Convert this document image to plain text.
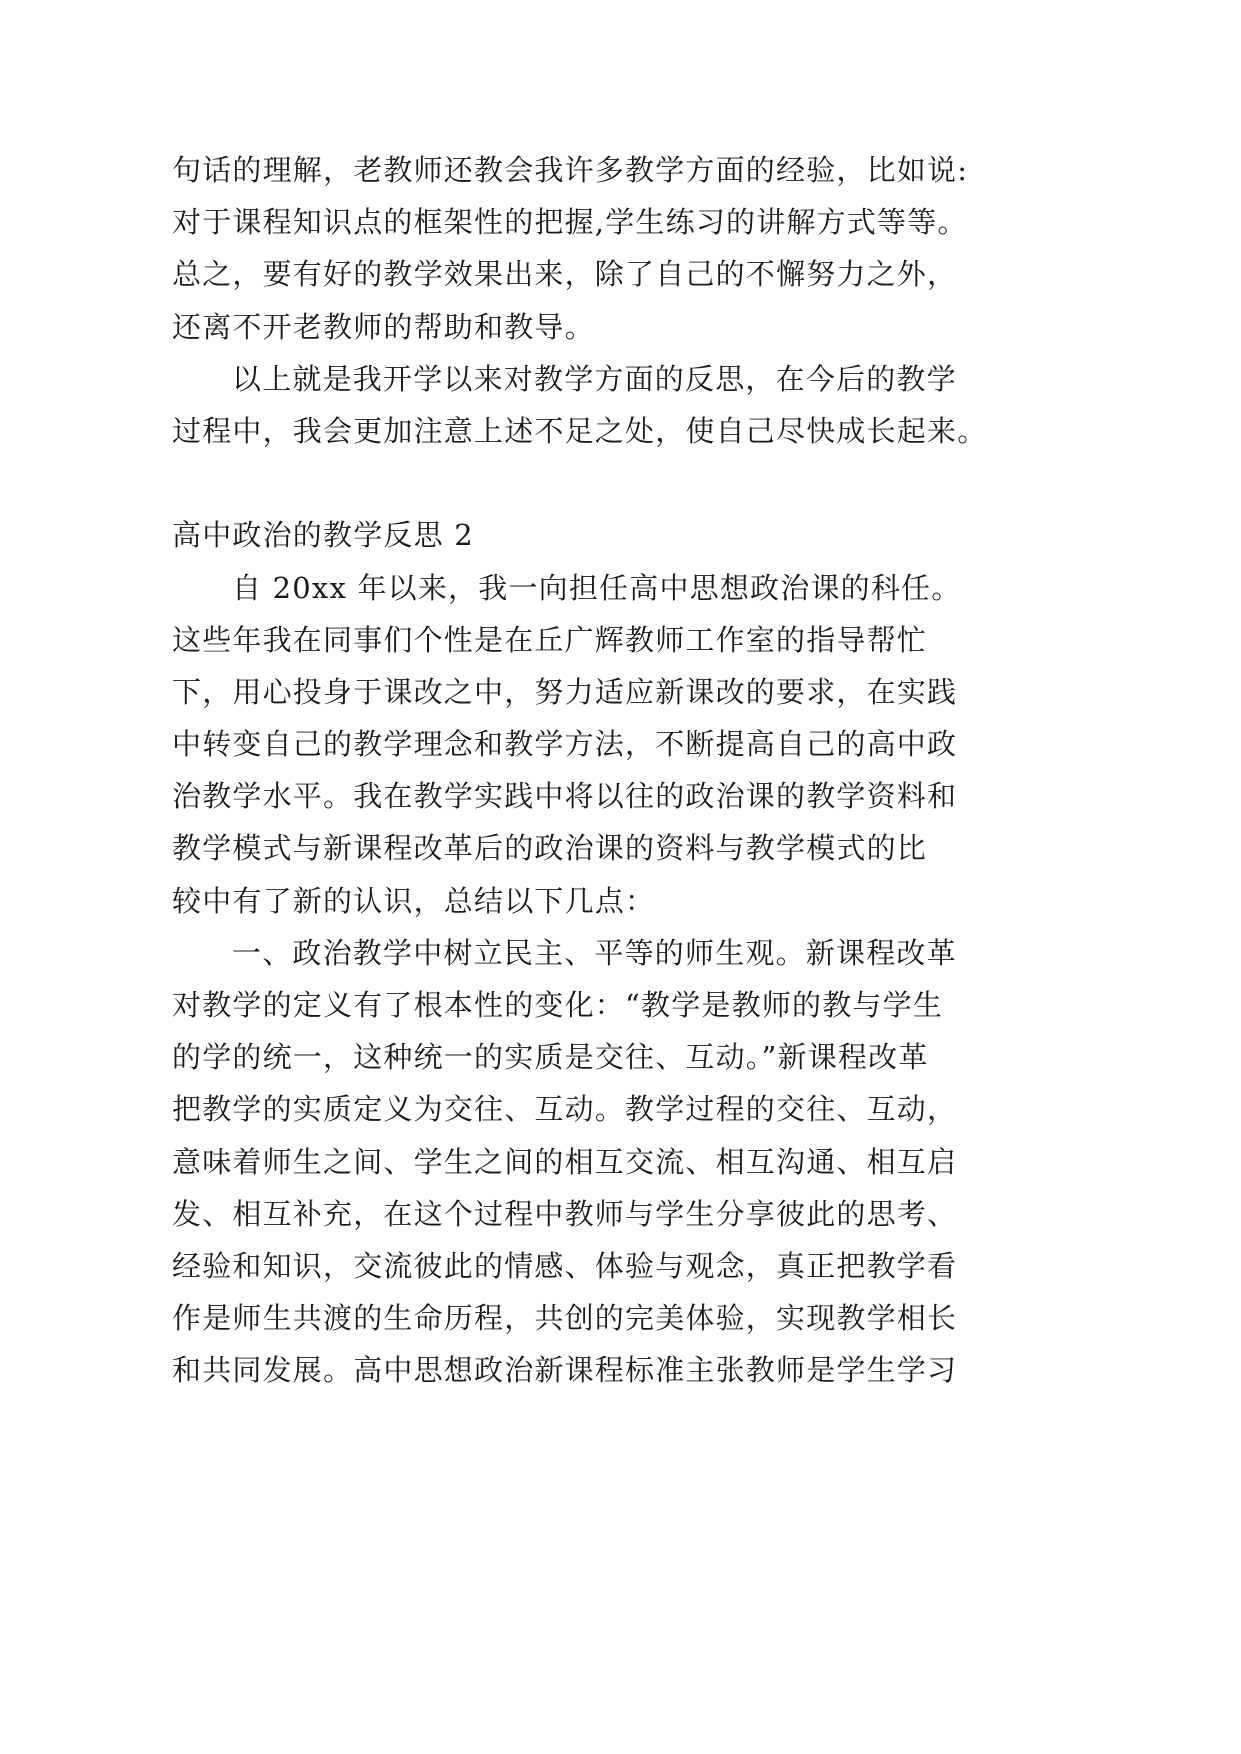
句话的理解，老教师还教会我许多教学方面的经验，比如说:
对于课程知识点的框架性的把握,学生练习的讲解方式等等。
总之，要有好的教学效果出来，除了自己的不懈努力之外，
还离不开老教师的帮助和教导。
以上就是我开学以来对教学方面的反思，在今后的教学
过程中，我会更加注意上述不足之处，使自己尽快成长起来。
高中政治的教学反思 2
自 20xx 年以来，我一向担任高中思想政治课的科任。
这些年我在同事们个性是在丘广辉教师工作室的指导帮忙
下，用心投身于课改之中，努力适应新课改的要求，在实践
中转变自己的教学理念和教学方法，不断提高自己的高中政
治教学水平。我在教学实践中将以往的政治课的教学资料和
教学模式与新课程改革后的政治课的资料与教学模式的比
较中有了新的认识，总结以下几点：
一、政治教学中树立民主、平等的师生观。新课程改革
对教学的定义有了根本性的变化：“教学是教师的教与学生
的学的统一，这种统一的实质是交往、互动。”新课程改革
把教学的实质定义为交往、互动。教学过程的交往、互动，
意味着师生之间、学生之间的相互交流、相互沟通、相互启
发、相互补充，在这个过程中教师与学生分享彼此的思考、
经验和知识，交流彼此的情感、体验与观念，真正把教学看
作是师生共渡的生命历程，共创的完美体验，实现教学相长
和共同发展。高中思想政治新课程标准主张教师是学生学习
